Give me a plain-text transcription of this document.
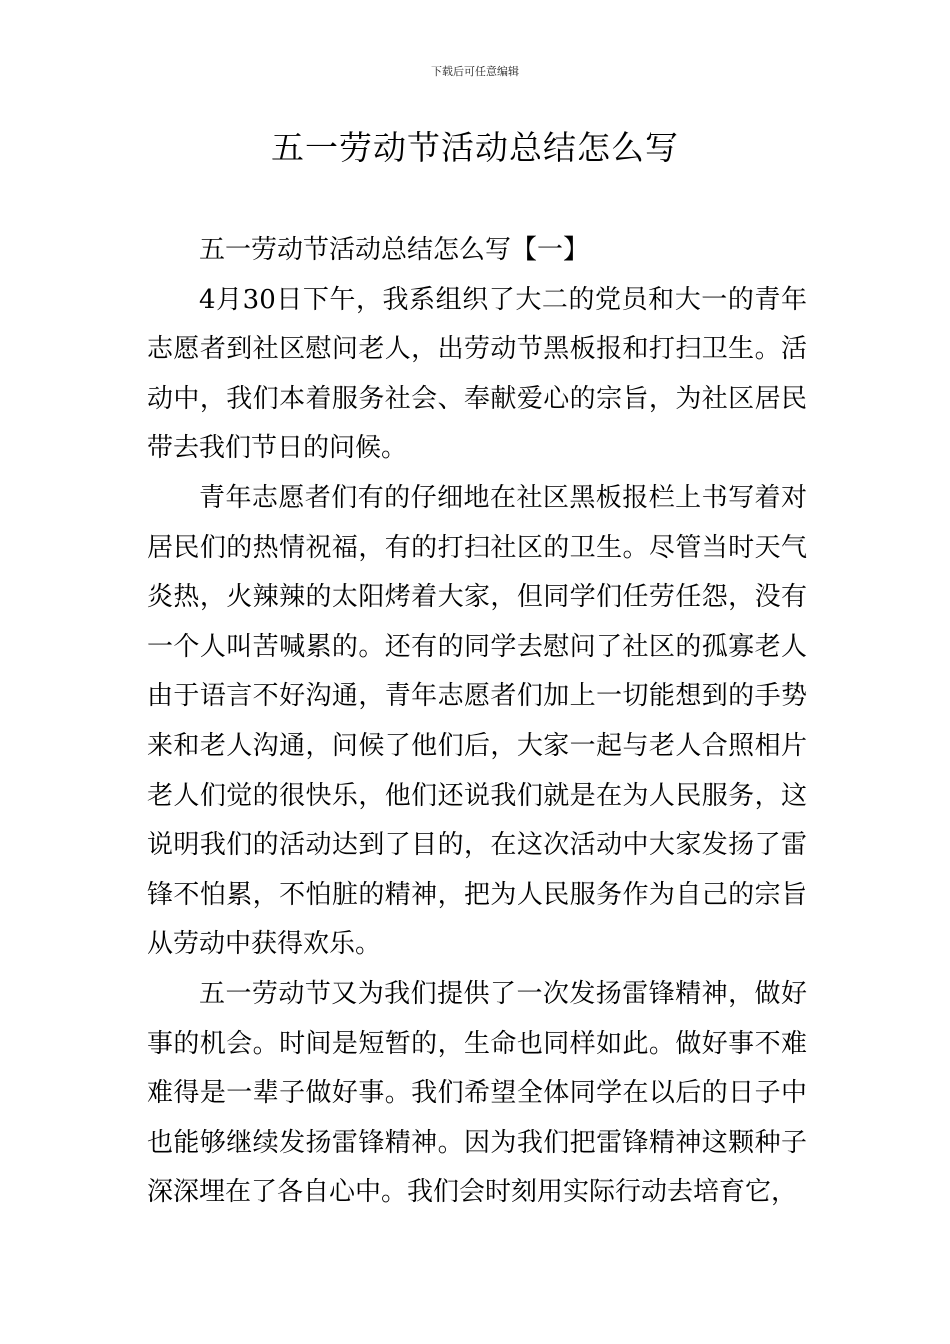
下载后可任意编辑
五一劳动节活动总结怎么写

五一劳动节活动总结怎么写【一】

4月30日下午，我系组织了大二的党员和大一的青年志愿者到社区慰问老人，出劳动节黑板报和打扫卫生。活动中，我们本着服务社会、奉献爱心的宗旨，为社区居民带去我们节日的问候。

青年志愿者们有的仔细地在社区黑板报栏上书写着对居民们的热情祝福，有的打扫社区的卫生。尽管当时天气炎热，火辣辣的太阳烤着大家，但同学们任劳任怨，没有一个人叫苦喊累的。还有的同学去慰问了社区的孤寡老人由于语言不好沟通，青年志愿者们加上一切能想到的手势来和老人沟通，问候了他们后，大家一起与老人合照相片老人们觉的很快乐，他们还说我们就是在为人民服务，这说明我们的活动达到了目的，在这次活动中大家发扬了雷锋不怕累，不怕脏的精神，把为人民服务作为自己的宗旨从劳动中获得欢乐。

五一劳动节又为我们提供了一次发扬雷锋精神，做好事的机会。时间是短暂的，生命也同样如此。做好事不难难得是一辈子做好事。我们希望全体同学在以后的日子中也能够继续发扬雷锋精神。因为我们把雷锋精神这颗种子深深埋在了各自心中。我们会时刻用实际行动去培育它，
